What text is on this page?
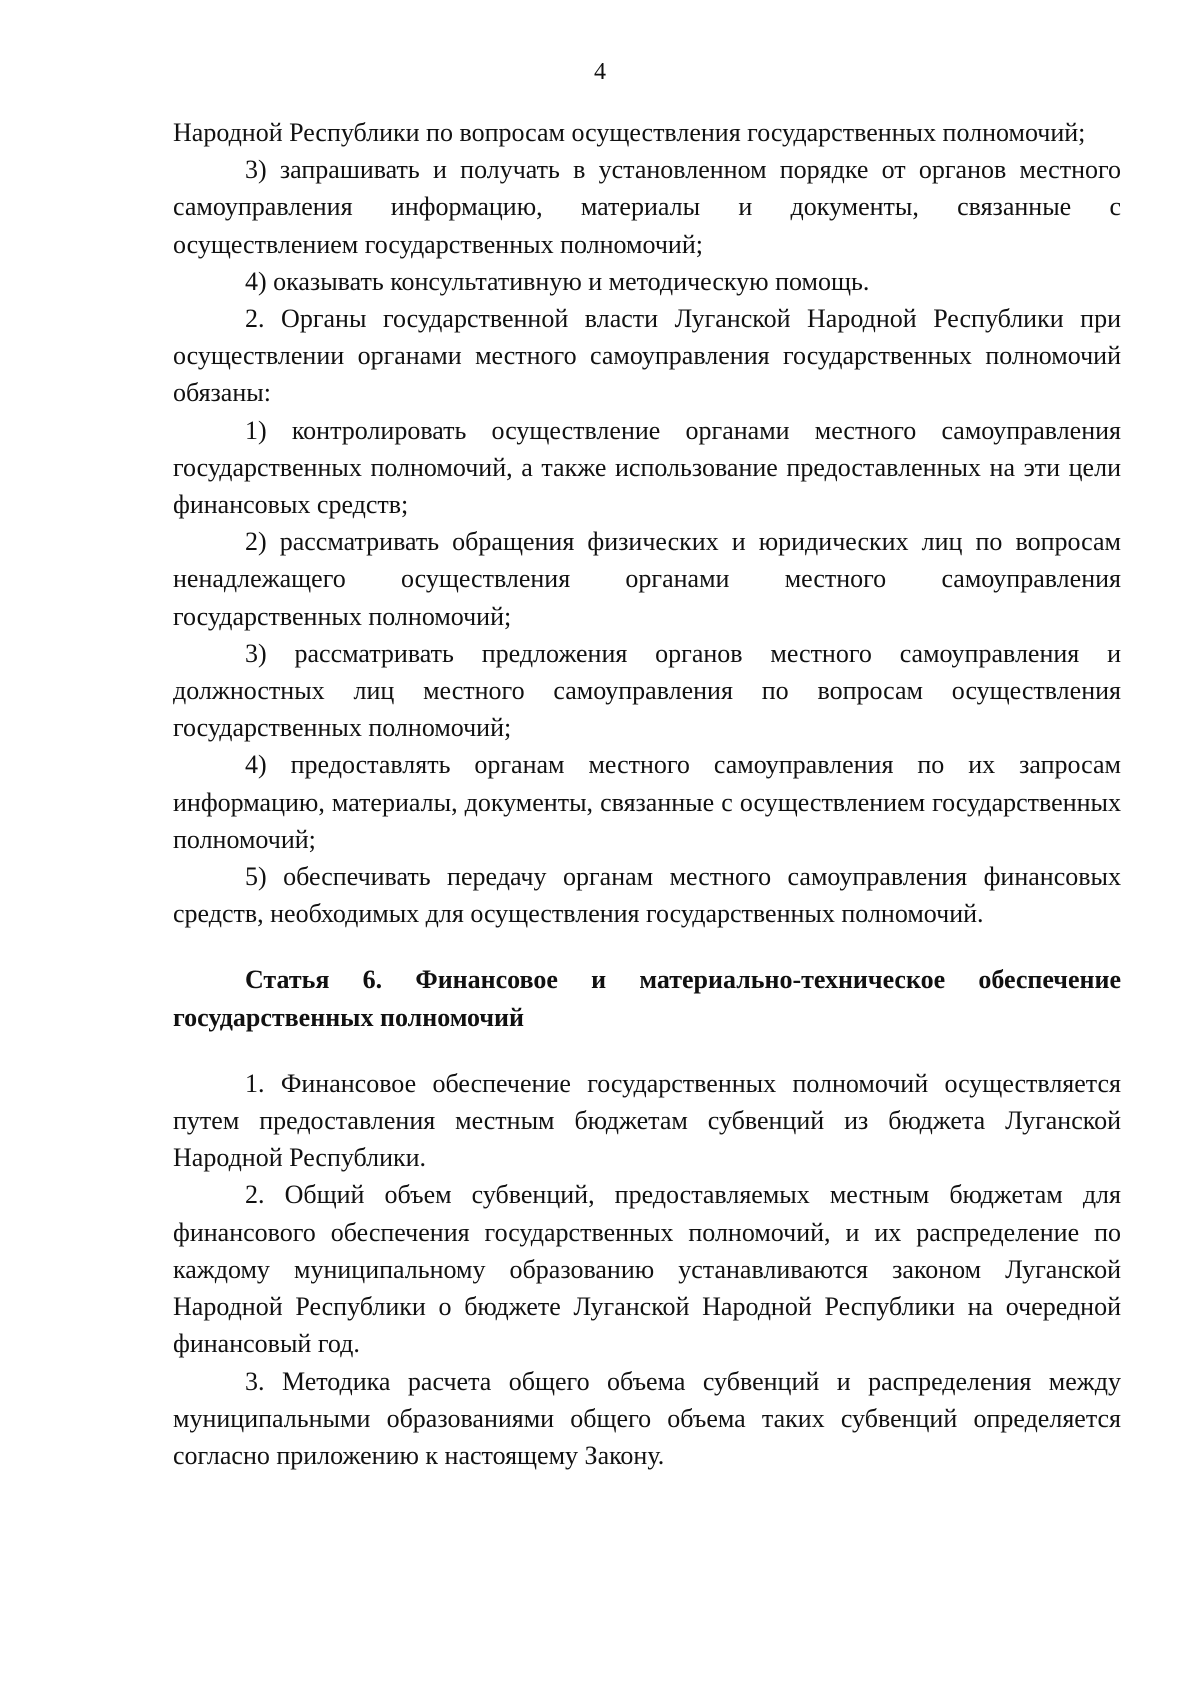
4

Народной Республики по вопросам осуществления государственных полномочий;

3) запрашивать и получать в установленном порядке от органов местного самоуправления информацию, материалы и документы, связанные с осуществлением государственных полномочий;

4) оказывать консультативную и методическую помощь.

2. Органы государственной власти Луганской Народной Республики при осуществлении органами местного самоуправления государственных полномочий обязаны:

1) контролировать осуществление органами местного самоуправления государственных полномочий, а также использование предоставленных на эти цели финансовых средств;

2) рассматривать обращения физических и юридических лиц по вопросам ненадлежащего осуществления органами местного самоуправления государственных полномочий;

3) рассматривать предложения органов местного самоуправления и должностных лиц местного самоуправления по вопросам осуществления государственных полномочий;

4) предоставлять органам местного самоуправления по их запросам информацию, материалы, документы, связанные с осуществлением государственных полномочий;

5) обеспечивать передачу органам местного самоуправления финансовых средств, необходимых для осуществления государственных полномочий.

Статья 6. Финансовое и материально-техническое обеспечение государственных полномочий

1. Финансовое обеспечение государственных полномочий осуществляется путем предоставления местным бюджетам субвенций из бюджета Луганской Народной Республики.

2. Общий объем субвенций, предоставляемых местным бюджетам для финансового обеспечения государственных полномочий, и их распределение по каждому муниципальному образованию устанавливаются законом Луганской Народной Республики о бюджете Луганской Народной Республики на очередной финансовый год.

3. Методика расчета общего объема субвенций и распределения между муниципальными образованиями общего объема таких субвенций определяется согласно приложению к настоящему Закону.
